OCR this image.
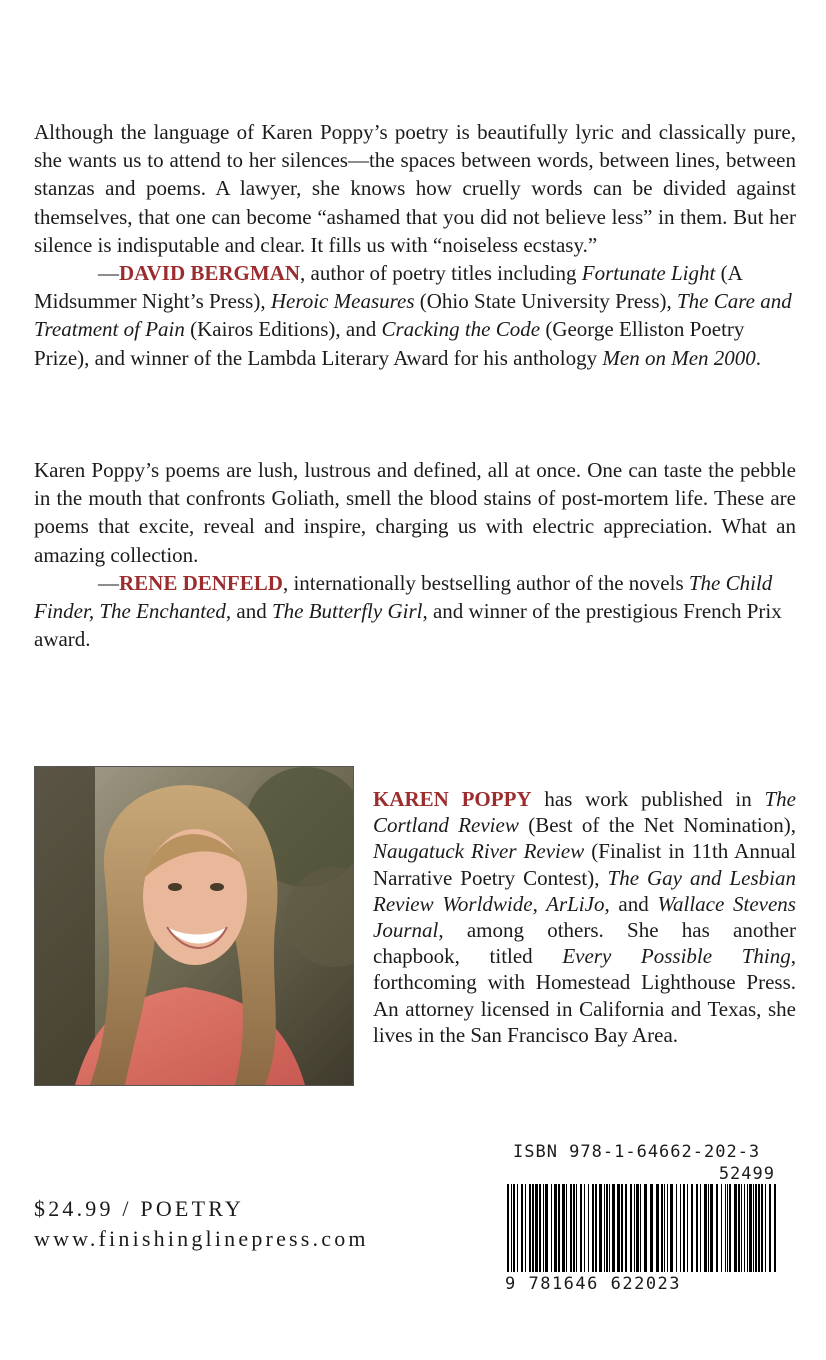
Although the language of Karen Poppy’s poetry is beautifully lyric and classically pure, she wants us to attend to her silences—the spaces between words, between lines, between stanzas and poems. A lawyer, she knows how cruelly words can be divided against themselves, that one can become “ashamed that you did not believe less” in them. But her silence is indisputable and clear. It fills us with “noiseless ecstasy.”

—DAVID BERGMAN, author of poetry titles including Fortunate Light (A Midsummer Night’s Press), Heroic Measures (Ohio State University Press), The Care and Treatment of Pain (Kairos Editions), and Cracking the Code (George Elliston Poetry Prize), and winner of the Lambda Literary Award for his anthology Men on Men 2000.

Karen Poppy’s poems are lush, lustrous and defined, all at once. One can taste the pebble in the mouth that confronts Goliath, smell the blood stains of post-mortem life. These are poems that excite, reveal and inspire, charging us with electric appreciation. What an amazing collection.

—RENE DENFELD, internationally bestselling author of the novels The Child Finder, The Enchanted, and The Butterfly Girl, and winner of the prestigious French Prix award.

KAREN POPPY has work published in The Cortland Review (Best of the Net Nomination), Naugatuck River Review (Finalist in 11th Annual Narrative Poetry Contest), The Gay and Lesbian Review Worldwide, ArLiJo, and Wallace Stevens Journal, among others. She has another chapbook, titled Every Possible Thing, forthcoming with Homestead Lighthouse Press. An attorney licensed in California and Texas, she lives in the San Francisco Bay Area.

$24.99 / POETRY
www.finishinglinepress.com
ISBN 978-1-64662-202-3
52499
9 781646 622023
